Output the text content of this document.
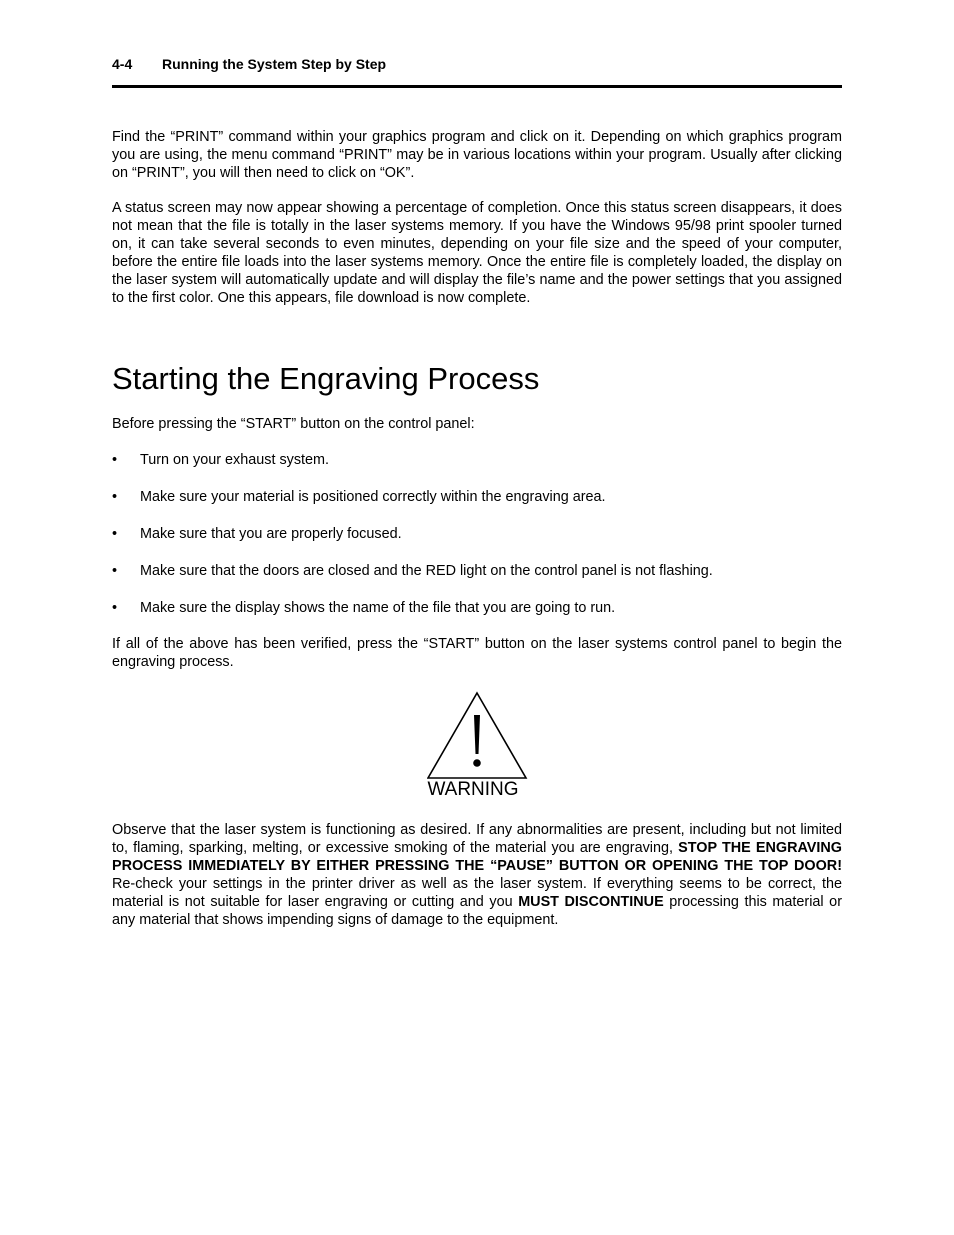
4-4 Running the System Step by Step

Find the “PRINT” command within your graphics program and click on it. Depending on which graphics program you are using, the menu command “PRINT” may be in various locations within your program. Usually after clicking on “PRINT”, you will then need to click on “OK”.

A status screen may now appear showing a percentage of completion. Once this status screen disappears, it does not mean that the file is totally in the laser systems memory. If you have the Windows 95/98 print spooler turned on, it can take several seconds to even minutes, depending on your file size and the speed of your computer, before the entire file loads into the laser systems memory. Once the entire file is completely loaded, the display on the laser system will automatically update and will display the file’s name and the power settings that you assigned to the first color. One this appears, file download is now complete.

Starting the Engraving Process

Before pressing the “START” button on the control panel:

• Turn on your exhaust system.
• Make sure your material is positioned correctly within the engraving area.
• Make sure that you are properly focused.
• Make sure that the doors are closed and the RED light on the control panel is not flashing.
• Make sure the display shows the name of the file that you are going to run.

If all of the above has been verified, press the “START” button on the laser systems control panel to begin the engraving process.

WARNING

Observe that the laser system is functioning as desired. If any abnormalities are present, including but not limited to, flaming, sparking, melting, or excessive smoking of the material you are engraving, STOP THE ENGRAVING PROCESS IMMEDIATELY BY EITHER PRESSING THE “PAUSE” BUTTON OR OPENING THE TOP DOOR! Re-check your settings in the printer driver as well as the laser system. If everything seems to be correct, the material is not suitable for laser engraving or cutting and you MUST DISCONTINUE processing this material or any material that shows impending signs of damage to the equipment.
